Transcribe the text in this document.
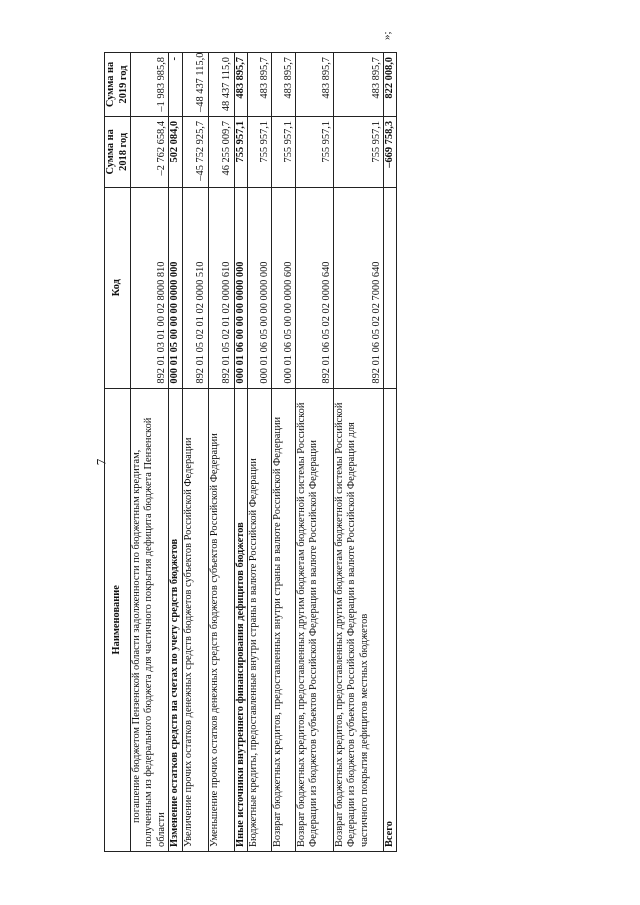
7
Наименование	Код	Сумма на 2018 год	Сумма на 2019 год
погашение бюджетом Пензенской области задолженности по бюджетным кредитам, полученным из федерального бюджета для частичного покрытия дефицита бюджета Пензенской области	892 01 03 01 00 02 8000 810	–2 762 658,4	–1 983 985,8
Изменение остатков средств на счетах по учету средств бюджетов	000 01 05 00 00 00 0000 000	502 084,0	-
Увеличение прочих остатков денежных средств бюджетов субъектов Российской Федерации	892 01 05 02 01 02 0000 510	–45 752 925,7	–48 437 115,0
Уменьшение прочих остатков денежных средств бюджетов субъектов Российской Федерации	892 01 05 02 01 02 0000 610	46 255 009,7	48 437 115,0
Иные источники внутреннего финансирования дефицитов бюджетов	000 01 06 00 00 00 0000 000	755 957,1	483 895,7
Бюджетные кредиты, предоставленные внутри страны в валюте Российской Федерации	000 01 06 05 00 00 0000 000	755 957,1	483 895,7
Возврат бюджетных кредитов, предоставленных внутри страны в валюте Российской Федерации	000 01 06 05 00 00 0000 600	755 957,1	483 895,7
Возврат бюджетных кредитов, предоставленных другим бюджетам бюджетной системы Российской Федерации из бюджетов субъектов Российской Федерации в валюте Российской Федерации	892 01 06 05 02 02 0000 640	755 957,1	483 895,7
Возврат бюджетных кредитов, предоставленных другим бюджетам бюджетной системы Российской Федерации из бюджетов субъектов Российской Федерации в валюте Российской Федерации для частичного покрытия дефицитов местных бюджетов	892 01 06 05 02 02 7000 640	755 957,1	483 895,7
Всего		–669 758,3	822 008,0
»;
